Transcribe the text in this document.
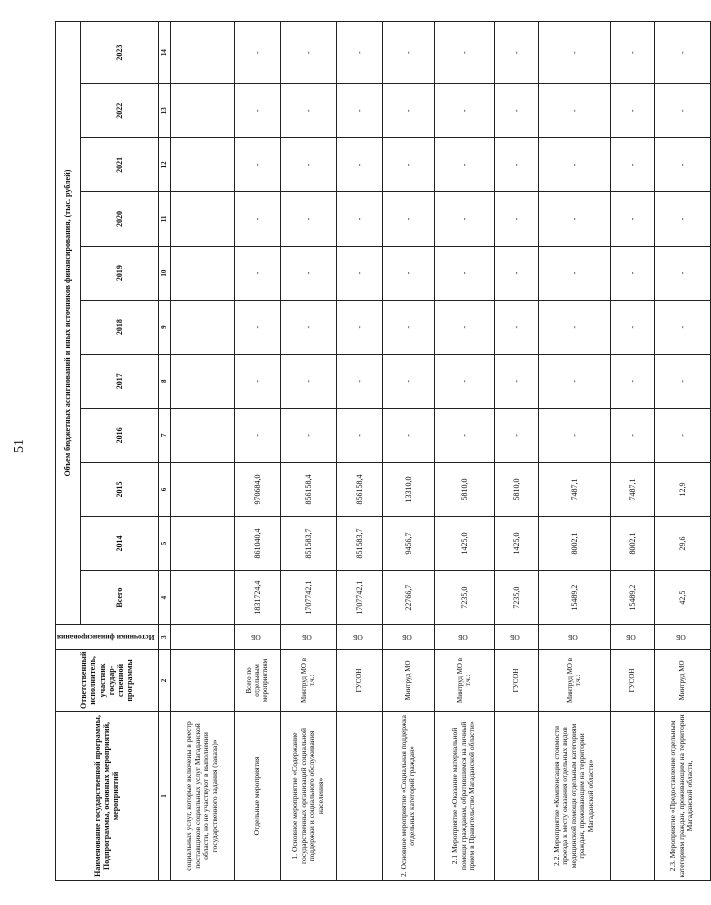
51
Наименование государственной программы, Подпрограммы, основных мероприятий, мероприятий	Ответственный исполнитель, участник государ-ственной программы	Источники финансирования	Объем бюджетных ассигнований и иных источников финансирования, (тыс. рублей)										
			Всего	2014	2015	2016	2017	2018	2019	2020	2021	2022	2023
1	2	3	4	5	6	7	8	9	10	11	12	13	14
социальных услуг, которые включены в реестр поставщиков социальных услуг Магаданской области, но не участвуют в выполнении государственного задания (заказа)»													
Отдельные мероприятия	Всего по отдельным мероприятиям	ОБ	1831724,4	861040,4	970684,0	-	-	-	-	-	-	-	-
1. Основное мероприятие «Содержание государственных организаций социальной поддержки и социального обслуживания населения»	Минтруд МО в т.ч.:	ОБ	1707742,1	851583,7	856158,4	-	-	-	-	-	-	-	-
	ГУСОН	ОБ	1707742,1	851583,7	856158,4	-	-	-	-	-	-	-	-
2. Основное мероприятие «Социальная поддержка отдельных категорий граждан»	Минтруд МО	ОБ	22766,7	9456,7	13310,0	-	-	-	-	-	-	-	-
2.1 Мероприятие «Оказание материальной помощи гражданам, обратившимся на личный прием в Правительство Магаданской области»	Минтруд МО в т.ч.:	ОБ	7235,0	1425,0	5810,0	-	-	-	-	-	-	-	-
	ГУСОН	ОБ	7235,0	1425,0	5810,0	-	-	-	-	-	-	-	-
2.2. Мероприятие «Компенсация стоимости проезда к месту оказания отдельных видов медицинской помощи отдельным категориям граждан, проживающим на территории Магаданской области»	Минтруд МО в т.ч.:	ОБ	15489,2	8002,1	7487,1	-	-	-	-	-	-	-	-
	ГУСОН	ОБ	15489,2	8002,1	7487,1	-	-	-	-	-	-	-	-
2.3. Мероприятие «Предоставление отдельным категориям граждан, проживающим на территории Магаданской области,	Минтруд МО	ОБ	42,5	29,6	12,9	-	-	-	-	-	-	-	-
